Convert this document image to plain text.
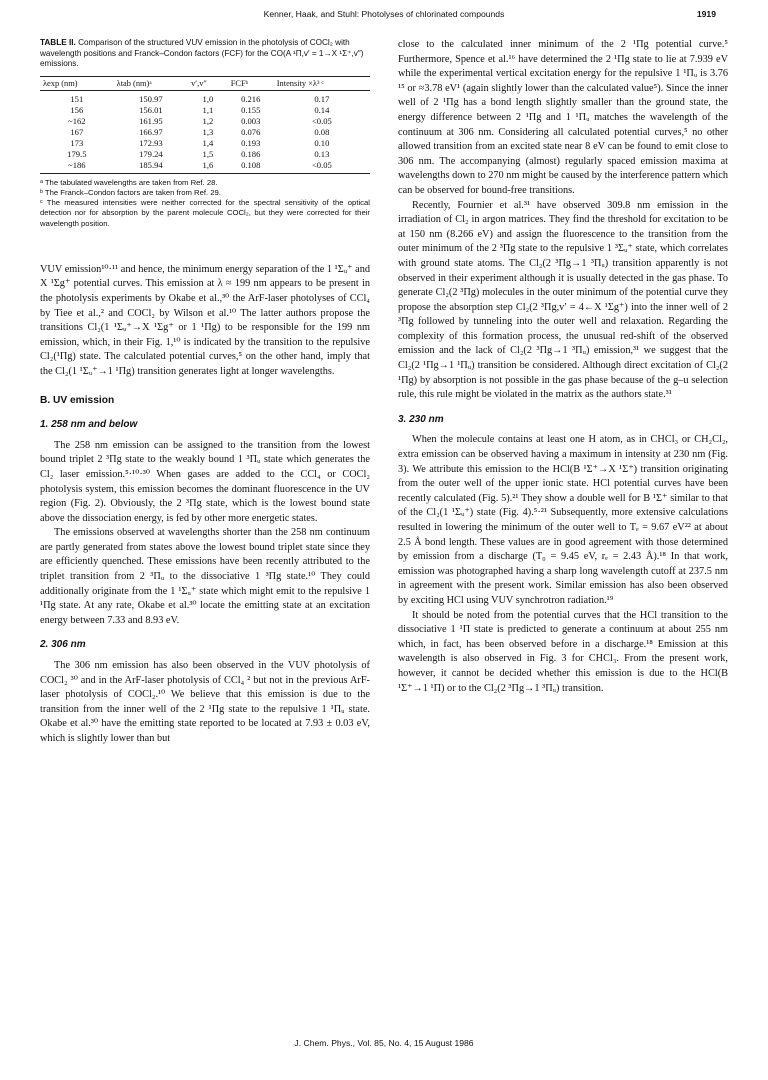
Kenner, Haak, and Stuhl: Photolyses of chlorinated compounds	1919
TABLE II. Comparison of the structured VUV emission in the photolysis of COCl₂ with wavelength positions and Franck–Condon factors (FCF) for the CO(A ¹Π,v′ = 1→X ¹Σ⁺,v″) emissions.
λexp (nm)	λtab (nm)ᵃ	v′,v″	FCFᵇ	Intensity ×λ³ ᶜ
151	150.97	1,0	0.216	0.17
156	156.01	1,1	0.155	0.14
~162	161.95	1,2	0.003	<0.05
167	166.97	1,3	0.076	0.08
173	172.93	1,4	0.193	0.10
179.5	179.24	1,5	0.186	0.13
~186	185.94	1,6	0.108	<0.05
ᵃ The tabulated wavelengths are taken from Ref. 28.
ᵇ The Franck–Condon factors are taken from Ref. 29.
ᶜ The measured intensities were neither corrected for the spectral sensitivity of the optical detection nor for absorption by the parent molecule COCl₂, but they were corrected for their wavelength position.

VUV emission¹⁰·¹¹ and hence, the minimum energy separation of the 1 ¹Σᵤ⁺ and X ¹Σg⁺ potential curves. This emission at λ ≈ 199 nm appears to be present in the photolysis experiments by Okabe et al.,³⁰ the ArF-laser photolyses of CCl₄ by Tiee et al.,² and COCl₂ by Wilson et al.¹⁰ The latter authors propose the transitions Cl₂(1 ¹Σᵤ⁺→X ¹Σg⁺ or 1 ¹Πg) to be responsible for the 199 nm emission, which, in their Fig. 1,¹⁰ is indicated by the transition to the repulsive Cl₂(¹Πg) state. The calculated potential curves,⁵ on the other hand, imply that the Cl₂(1 ¹Σᵤ⁺→1 ¹Πg) transition generates light at longer wavelengths.

B. UV emission
1. 258 nm and below

The 258 nm emission can be assigned to the transition from the lowest bound triplet 2 ³Πg state to the weakly bound 1 ³Πᵤ state which generates the Cl₂ laser emission.⁵·¹⁰·³⁰ When gases are added to the CCl₄ or COCl₂ photolysis system, this emission becomes the dominant fluorescence in the UV region (Fig. 2). Obviously, the 2 ³Πg state, which is the lowest bound state above the dissociation energy, is fed by other more energetic states.

The emissions observed at wavelengths shorter than the 258 nm continuum are partly generated from states above the lowest bound triplet state since they are efficiently quenched. These emissions have been recently attributed to the triplet transition from 2 ³Πᵤ to the dissociative 1 ³Πg state.¹⁰ They could additionally originate from the 1 ¹Σᵤ⁺ state which might emit to the repulsive 1 ¹Πg state. At any rate, Okabe et al.³⁰ locate the emitting state at an excitation energy between 7.33 and 8.93 eV.

2. 306 nm

The 306 nm emission has also been observed in the VUV photolysis of COCl₂ ³⁰ and in the ArF-laser photolysis of CCl₄ ² but not in the previous ArF-laser photolysis of COCl₂.¹⁰ We believe that this emission is due to the transition from the inner well of the 2 ¹Πg state to the repulsive 1 ¹Πᵤ state. Okabe et al.³⁰ have the emitting state reported to be located at 7.93 ± 0.03 eV, which is slightly lower than but

close to the calculated inner minimum of the 2 ¹Πg potential curve.⁵ Furthermore, Spence et al.¹⁶ have determined the 2 ¹Πg state to lie at 7.939 eV while the experimental vertical excitation energy for the repulsive 1 ¹Πᵤ is 3.76 ¹⁵ or ≈3.78 eV¹ (again slightly lower than the calculated value⁵). Since the inner well of 2 ¹Πg has a bond length slightly smaller than the ground state, the energy difference between 2 ¹Πg and 1 ¹Πᵤ matches the wavelength of the continuum at 306 nm. Considering all calculated potential curves,⁵ no other allowed transition from an excited state near 8 eV can be found to emit close to 306 nm. The accompanying (almost) regularly spaced emission maxima at wavelengths down to 270 nm might be caused by the interference pattern which can be observed for bound-free transitions.

Recently, Fournier et al.³¹ have observed 309.8 nm emission in the irradiation of Cl₂ in argon matrices. They find the threshold for excitation to be at 150 nm (8.266 eV) and assign the fluorescence to the transition from the outer minimum of the 2 ³Πg state to the repulsive 1 ³Σᵤ⁺ state, which correlates with ground state atoms. The Cl₂(2 ³Πg→1 ³Πᵤ) transition apparently is not observed in their experiment although it is usually detected in the gas phase. To generate Cl₂(2 ³Πg) molecules in the outer minimum of the potential curve they propose the absorption step Cl₂(2 ³Πg,v′ = 4←X ¹Σg⁺) into the inner well of 2 ³Πg followed by tunneling into the outer well and relaxation. Regarding the complexity of this formation process, the unusual red-shift of the observed emission and the lack of Cl₂(2 ³Πg→1 ³Πᵤ) emission,³¹ we suggest that the Cl₂(2 ¹Πg→1 ¹Πᵤ) transition be considered. Although direct excitation of Cl₂(2 ¹Πg) by absorption is not possible in the gas phase because of the g–u selection rule, this rule might be violated in the matrix as the authors state.³¹

3. 230 nm

When the molecule contains at least one H atom, as in CHCl₃ or CH₂Cl₂, extra emission can be observed having a maximum in intensity at 230 nm (Fig. 3). We attribute this emission to the HCl(B ¹Σ⁺→X ¹Σ⁺) transition originating from the outer well of the upper ionic state. HCl potential curves have been recently calculated (Fig. 5).²¹ They show a double well for B ¹Σ⁺ similar to that of the Cl₂(1 ¹Σᵤ⁺) state (Fig. 4).⁵·²¹ Subsequently, more extensive calculations resulted in lowering the minimum of the outer well to Tₑ = 9.67 eV²² at about 2.5 Å bond length. These values are in good agreement with those determined by emission from a discharge (T₀ = 9.45 eV, rₑ = 2.43 Å).¹⁸ In that work, emission was photographed having a sharp long wavelength cutoff at 237.5 nm in agreement with the present work. Similar emission has also been observed by exciting HCl using VUV synchrotron radiation.¹⁹

It should be noted from the potential curves that the HCl transition to the dissociative 1 ¹Π state is predicted to generate a continuum at about 255 nm which, in fact, has been observed before in a discharge.¹⁸ Emission at this wavelength is also observed in Fig. 3 for CHCl₃. From the present work, however, it cannot be decided whether this emission is due to the HCl(B ¹Σ⁺→1 ¹Π) or to the Cl₂(2 ³Πg→1 ³Πᵤ) transition.

J. Chem. Phys., Vol. 85, No. 4, 15 August 1986
